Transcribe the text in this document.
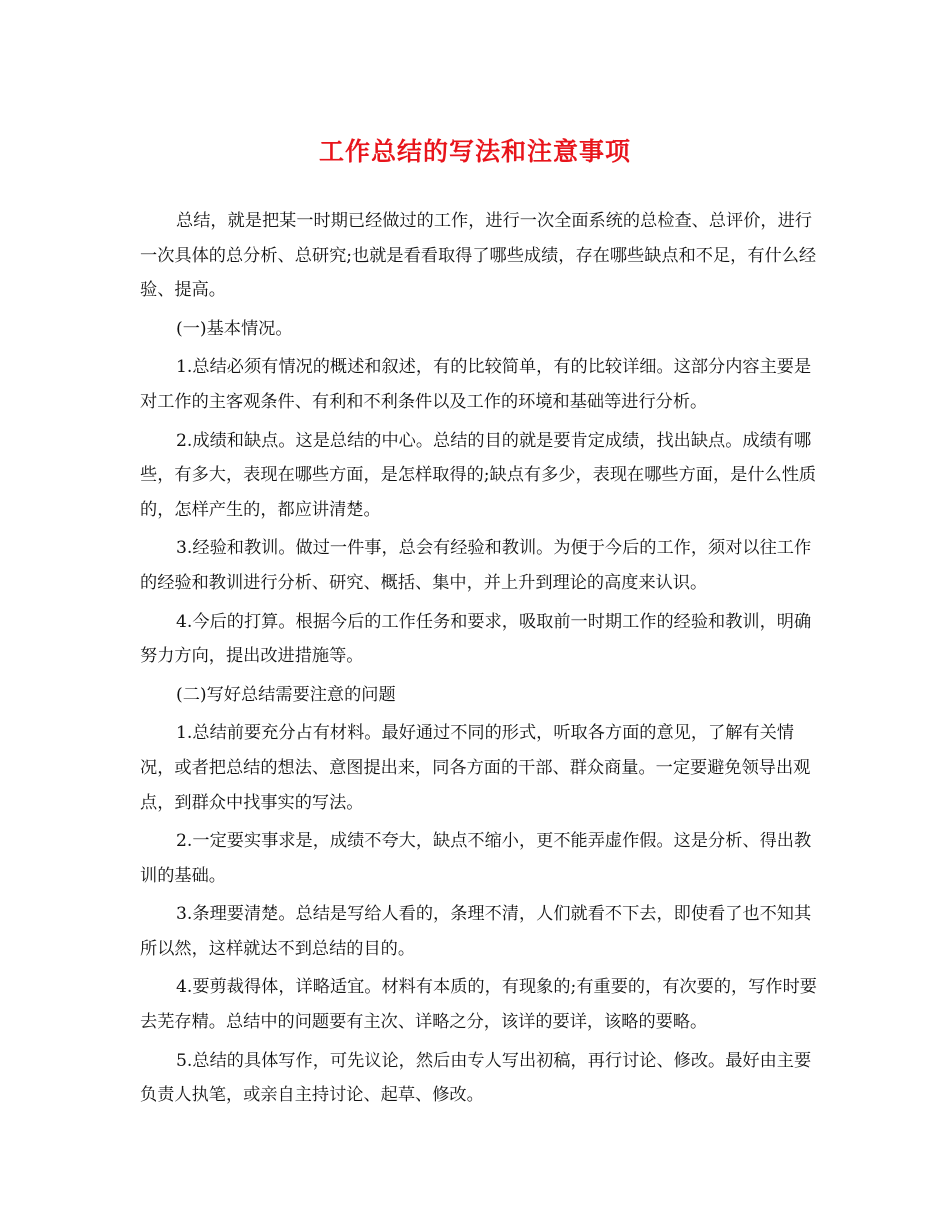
工作总结的写法和注意事项

总结，就是把某一时期已经做过的工作，进行一次全面系统的总检查、总评价，进行一次具体的总分析、总研究;也就是看看取得了哪些成绩，存在哪些缺点和不足，有什么经验、提高。

(一)基本情况。

1.总结必须有情况的概述和叙述，有的比较简单，有的比较详细。这部分内容主要是对工作的主客观条件、有利和不利条件以及工作的环境和基础等进行分析。

2.成绩和缺点。这是总结的中心。总结的目的就是要肯定成绩，找出缺点。成绩有哪些，有多大，表现在哪些方面，是怎样取得的;缺点有多少，表现在哪些方面，是什么性质的，怎样产生的，都应讲清楚。

3.经验和教训。做过一件事，总会有经验和教训。为便于今后的工作，须对以往工作的经验和教训进行分析、研究、概括、集中，并上升到理论的高度来认识。

4.今后的打算。根据今后的工作任务和要求，吸取前一时期工作的经验和教训，明确努力方向，提出改进措施等。

(二)写好总结需要注意的问题

1.总结前要充分占有材料。最好通过不同的形式，听取各方面的意见，了解有关情况，或者把总结的想法、意图提出来，同各方面的干部、群众商量。一定要避免领导出观点，到群众中找事实的写法。

2.一定要实事求是，成绩不夸大，缺点不缩小，更不能弄虚作假。这是分析、得出教训的基础。

3.条理要清楚。总结是写给人看的，条理不清，人们就看不下去，即使看了也不知其所以然，这样就达不到总结的目的。

4.要剪裁得体，详略适宜。材料有本质的，有现象的;有重要的，有次要的，写作时要去芜存精。总结中的问题要有主次、详略之分，该详的要详，该略的要略。

5.总结的具体写作，可先议论，然后由专人写出初稿，再行讨论、修改。最好由主要负责人执笔，或亲自主持讨论、起草、修改。
